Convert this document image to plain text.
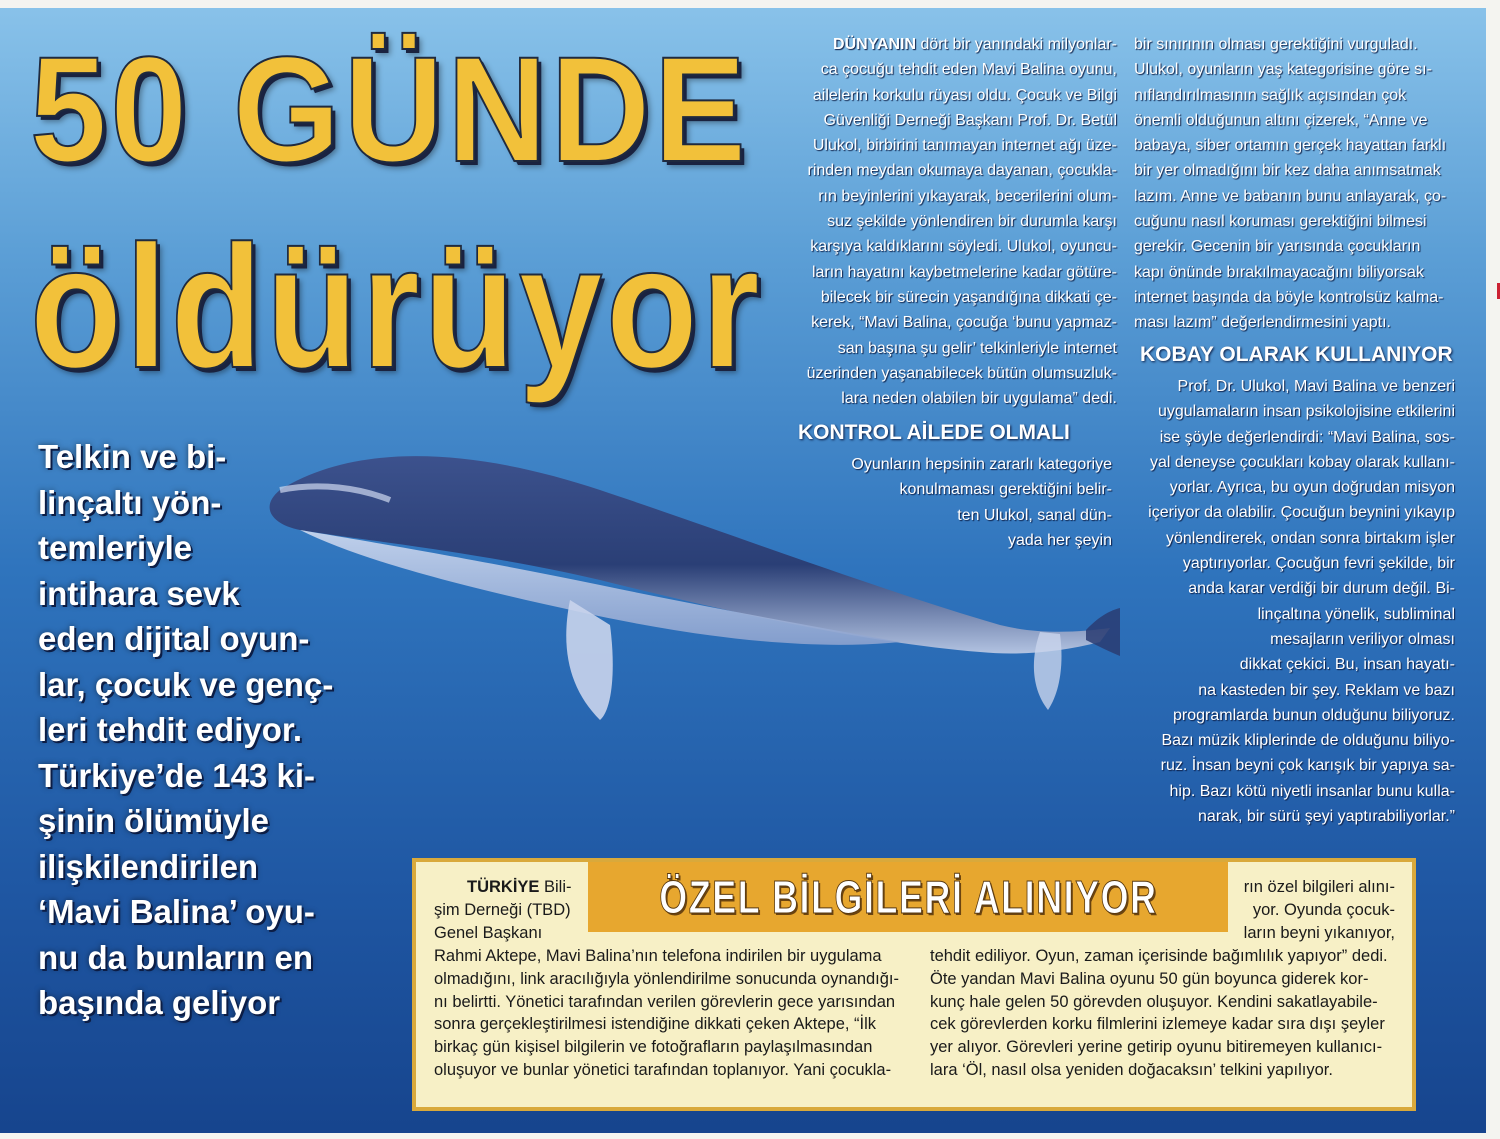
50 GÜNDE
öldürüyor
Telkin ve bi-
linçaltı yön-
temleriyle
intihara sevk
eden dijital oyun-
lar, çocuk ve genç-
leri tehdit ediyor.
Türkiye’de 143 ki-
şinin ölümüyle
ilişkilendirilen
‘Mavi Balina’ oyu-
nu da bunların en
başında geliyor
DÜNYANIN dört bir yanındaki milyonlar-
ca çocuğu tehdit eden Mavi Balina oyunu,
ailelerin korkulu rüyası oldu. Çocuk ve Bilgi
Güvenliği Derneği Başkanı Prof. Dr. Betül
Ulukol, birbirini tanımayan internet ağı üze-
rinden meydan okumaya dayanan, çocukla-
rın beyinlerini yıkayarak, becerilerini olum-
suz şekilde yönlendiren bir durumla karşı
karşıya kaldıklarını söyledi. Ulukol, oyuncu-
ların hayatını kaybetmelerine kadar götüre-
bilecek bir sürecin yaşandığına dikkati çe-
kerek, “Mavi Balina, çocuğa ‘bunu yapmaz-
san başına şu gelir’ telkinleriyle internet
üzerinden yaşanabilecek bütün olumsuzluk-
lara neden olabilen bir uygulama” dedi.
KONTROL AİLEDE OLMALI
Oyunların hepsinin zararlı kategoriye
konulmaması gerektiğini belir-
ten Ulukol, sanal dün-
yada her şeyin
bir sınırının olması gerektiğini vurguladı.
Ulukol, oyunların yaş kategorisine göre sı-
nıflandırılmasının sağlık açısından çok
önemli olduğunun altını çizerek, “Anne ve
babaya, siber ortamın gerçek hayattan farklı
bir yer olmadığını bir kez daha anımsatmak
lazım. Anne ve babanın bunu anlayarak, ço-
cuğunu nasıl koruması gerektiğini bilmesi
gerekir. Gecenin bir yarısında çocukların
kapı önünde bırakılmayacağını biliyorsak
internet başında da böyle kontrolsüz kalma-
ması lazım” değerlendirmesini yaptı.
KOBAY OLARAK KULLANIYOR
Prof. Dr. Ulukol, Mavi Balina ve benzeri
uygulamaların insan psikolojisine etkilerini
ise şöyle değerlendirdi: “Mavi Balina, sos-
yal deneyse çocukları kobay olarak kullanı-
yorlar. Ayrıca, bu oyun doğrudan misyon
içeriyor da olabilir. Çocuğun beynini yıkayıp
yönlendirerek, ondan sonra birtakım işler
yaptırıyorlar. Çocuğun fevri şekilde, bir
anda karar verdiği bir durum değil. Bi-
linçaltına yönelik, subliminal
mesajların veriliyor olması
dikkat çekici. Bu, insan hayatı-
na kasteden bir şey. Reklam ve bazı
programlarda bunun olduğunu biliyoruz.
Bazı müzik kliplerinde de olduğunu biliyo-
ruz. İnsan beyni çok karışık bir yapıya sa-
hip. Bazı kötü niyetli insanlar bunu kulla-
narak, bir sürü şeyi yaptırabiliyorlar.”
ÖZEL BİLGİLERİ ALINIYOR
  TÜRKİYE Bili-
şim Derneği (TBD)
Genel Başkanı
Rahmi Aktepe, Mavi Balina’nın telefona indirilen bir uygulama
olmadığını, link aracılığıyla yönlendirilme sonucunda oynandığı-
nı belirtti. Yönetici tarafından verilen görevlerin gece yarısından
sonra gerçekleştirilmesi istendiğine dikkati çeken Aktepe, “İlk
birkaç gün kişisel bilgilerin ve fotoğrafların paylaşılmasından
oluşuyor ve bunlar yönetici tarafından toplanıyor. Yani çocukla-
rın özel bilgileri alını-
yor. Oyunda çocuk-
ların beyni yıkanıyor,
tehdit ediliyor. Oyun, zaman içerisinde bağımlılık yapıyor” dedi.
Öte yandan Mavi Balina oyunu 50 gün boyunca giderek kor-
kunç hale gelen 50 görevden oluşuyor. Kendini sakatlayabile-
cek görevlerden korku filmlerini izlemeye kadar sıra dışı şeyler
yer alıyor. Görevleri yerine getirip oyunu bitiremeyen kullanıcı-
lara ‘Öl, nasıl olsa yeniden doğacaksın’ telkini yapılıyor.
